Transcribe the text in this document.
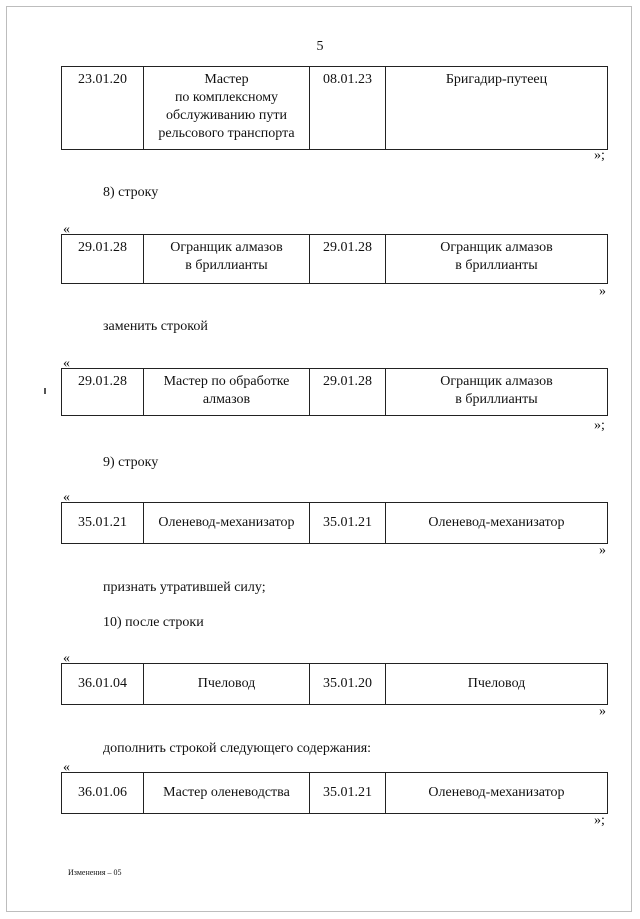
5
23.01.20	Мастер
по комплексному
обслуживанию пути
рельсового транспорта	08.01.23	Бригадир-путеец
»;
8) строку
«
29.01.28	Огранщик алмазов
в бриллианты	29.01.28	Огранщик алмазов
в бриллианты
»
заменить строкой
«
29.01.28	Мастер по обработке
алмазов	29.01.28	Огранщик алмазов
в бриллианты
»;
9) строку
«
35.01.21	Оленевод-механизатор	35.01.21	Оленевод-механизатор
»
признать утратившей силу;
10) после строки
«
36.01.04	Пчеловод	35.01.20	Пчеловод
»
дополнить строкой следующего содержания:
«
36.01.06	Мастер оленеводства	35.01.21	Оленевод-механизатор
»;
Изменения – 05
